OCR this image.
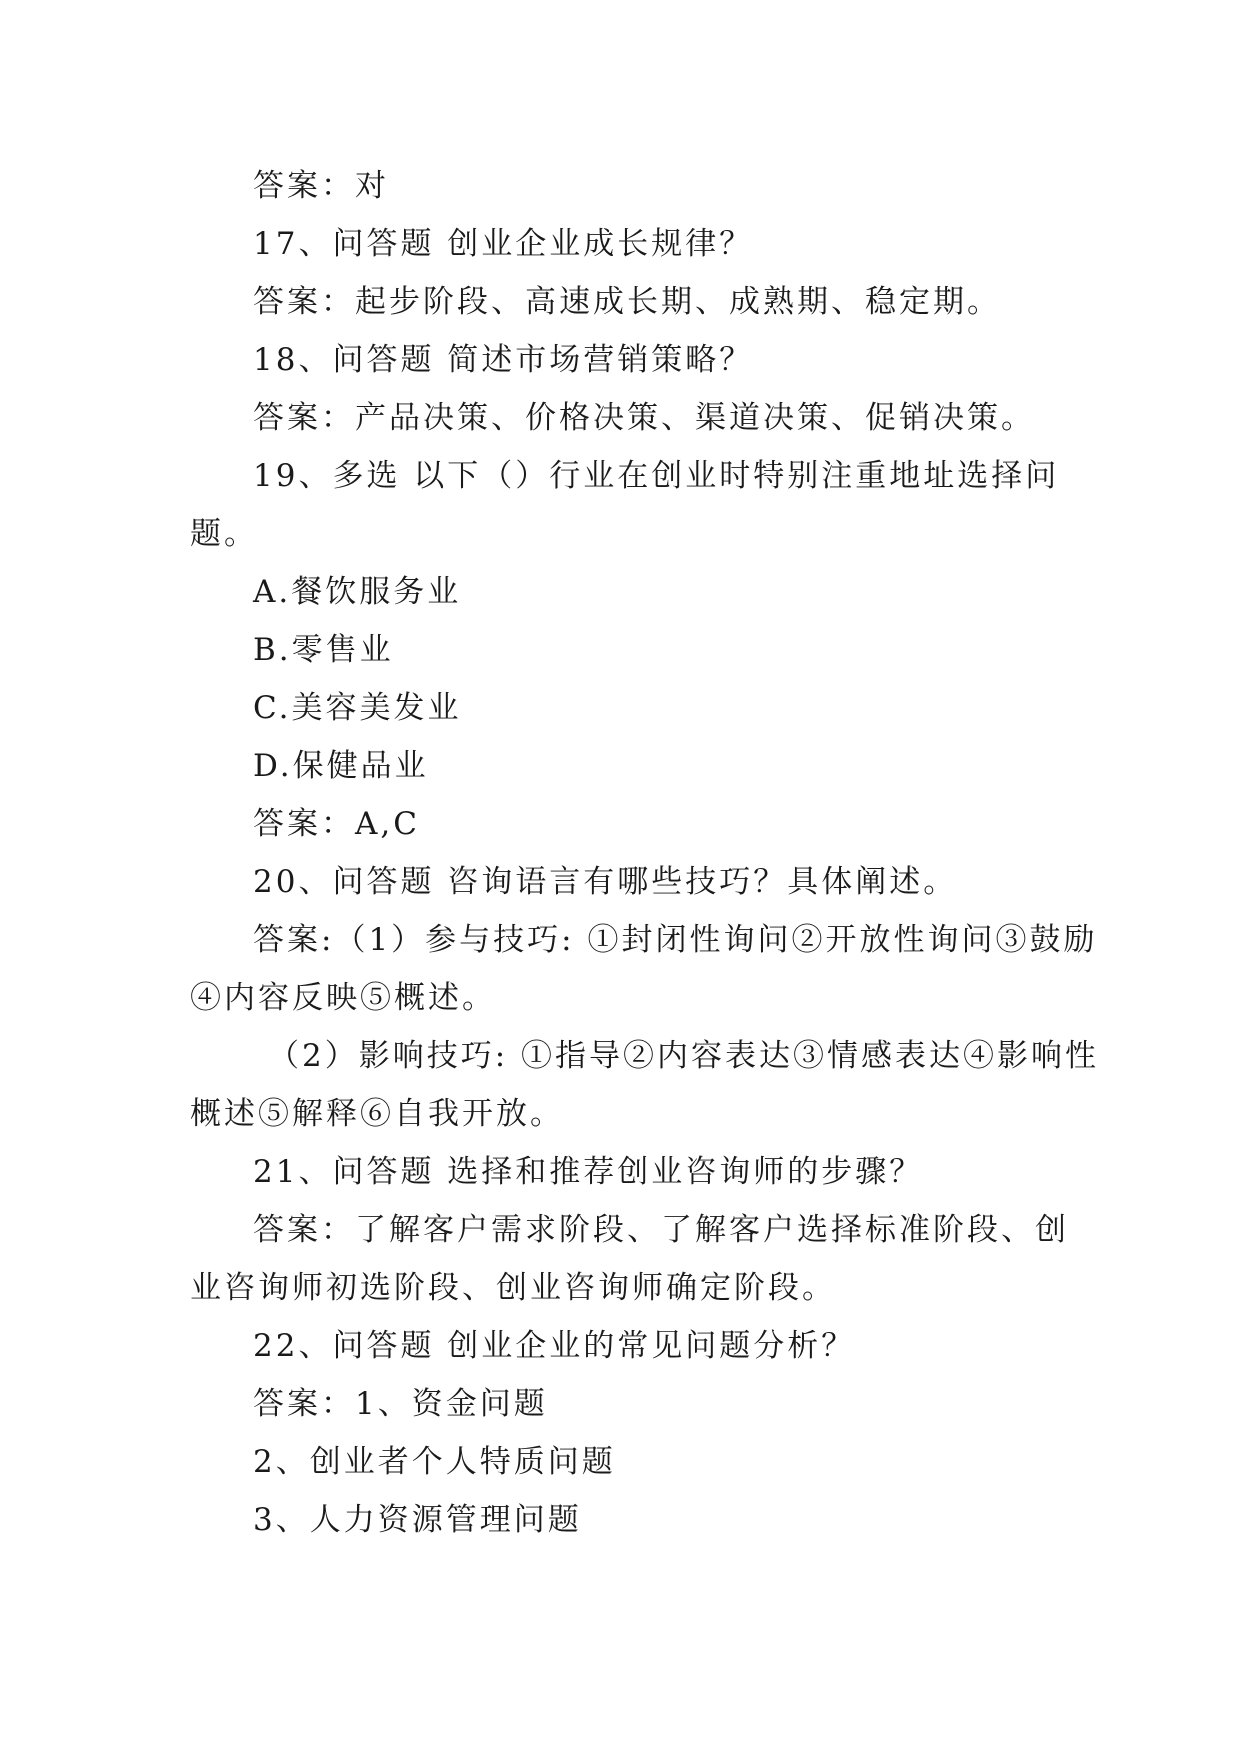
答案：对
17、问答题 创业企业成长规律？
答案：起步阶段、高速成长期、成熟期、稳定期。
18、问答题 简述市场营销策略？
答案：产品决策、价格决策、渠道决策、促销决策。
19、多选 以下（）行业在创业时特别注重地址选择问
题。
A.餐饮服务业
B.零售业
C.美容美发业
D.保健品业
答案：A,C
20、问答题 咨询语言有哪些技巧？具体阐述。
答案:（1）参与技巧: ①封闭性询问②开放性询问③鼓励
④内容反映⑤概述。
（2）影响技巧: ①指导②内容表达③情感表达④影响性
概述⑤解释⑥自我开放。
21、问答题 选择和推荐创业咨询师的步骤？
答案：了解客户需求阶段、了解客户选择标准阶段、创
业咨询师初选阶段、创业咨询师确定阶段。
22、问答题 创业企业的常见问题分析？
答案：1、资金问题
2、创业者个人特质问题
3、人力资源管理问题
